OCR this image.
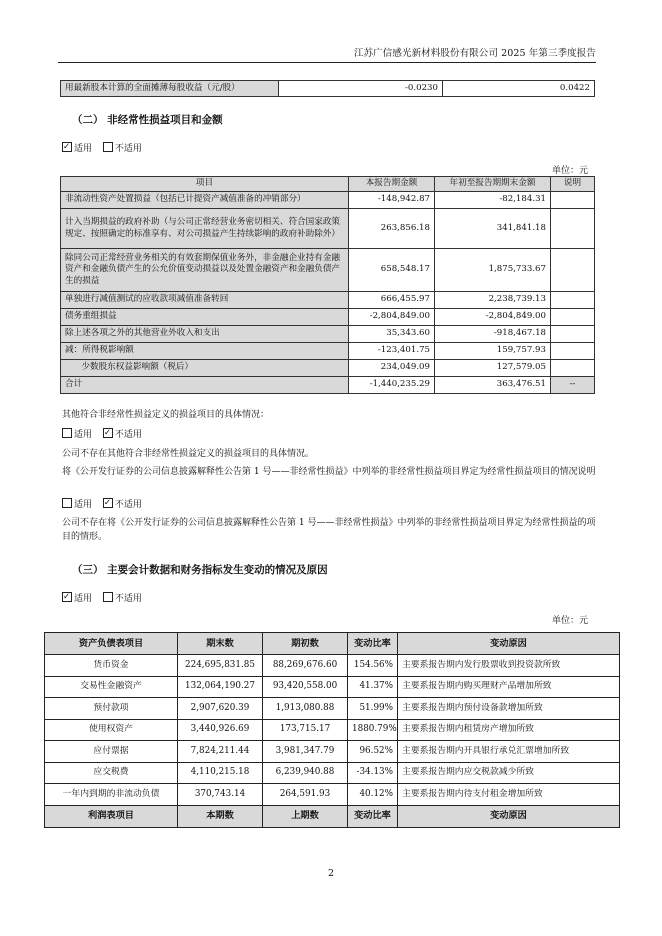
江苏广信感光新材料股份有限公司 2025 年第三季度报告
用最新股本计算的全面摊薄每股收益（元/股）	-0.0230	0.0422
（二） 非经常性损益项目和金额
✓适用	不适用
单位：元
项目	本报告期金额	年初至报告期期末金额	说明
非流动性资产处置损益（包括已计提资产减值准备的冲销部分）	-148,942.87	-82,184.31	
计入当期损益的政府补助（与公司正常经营业务密切相关、符合国家政策规定、按照确定的标准享有、对公司损益产生持续影响的政府补助除外）	263,856.18	341,841.18	
除同公司正常经营业务相关的有效套期保值业务外，非金融企业持有金融资产和金融负债产生的公允价值变动损益以及处置金融资产和金融负债产生的损益	658,548.17	1,875,733.67	
单独进行减值测试的应收款项减值准备转回	666,455.97	2,238,739.13	
债务重组损益	-2,804,849.00	-2,804,849.00	
除上述各项之外的其他营业外收入和支出	35,343.60	-918,467.18	
减：所得税影响额	-123,401.75	159,757.93	
少数股东权益影响额（税后）	234,049.09	127,579.05	
合计	-1,440,235.29	363,476.51	--
其他符合非经常性损益定义的损益项目的具体情况：
适用 ✓	不适用
公司不存在其他符合非经常性损益定义的损益项目的具体情况。
将《公开发行证券的公司信息披露解释性公告第 1 号——非经常性损益》中列举的非经常性损益项目界定为经常性损益项目的情况说明
适用 ✓	不适用
公司不存在将《公开发行证券的公司信息披露解释性公告第 1 号——非经常性损益》中列举的非经常性损益项目界定为经常性损益的项目的情形。
（三） 主要会计数据和财务指标发生变动的情况及原因
✓适用	不适用
单位：元
资产负债表项目	期末数	期初数	变动比率	变动原因
货币资金	224,695,831.85	88,269,676.60	154.56%	主要系报告期内发行股票收到投资款所致
交易性金融资产	132,064,190.27	93,420,558.00	41.37%	主要系报告期内购买理财产品增加所致
预付款项	2,907,620.39	1,913,080.88	51.99%	主要系报告期内预付设备款增加所致
使用权资产	3,440,926.69	173,715.17	1880.79%	主要系报告期内租赁房产增加所致
应付票据	7,824,211.44	3,981,347.79	96.52%	主要系报告期内开具银行承兑汇票增加所致
应交税费	4,110,215.18	6,239,940.88	-34.13%	主要系报告期内应交税款减少所致
一年内到期的非流动负债	370,743.14	264,591.93	40.12%	主要系报告期内待支付租金增加所致
利润表项目	本期数	上期数	变动比率	变动原因
2
